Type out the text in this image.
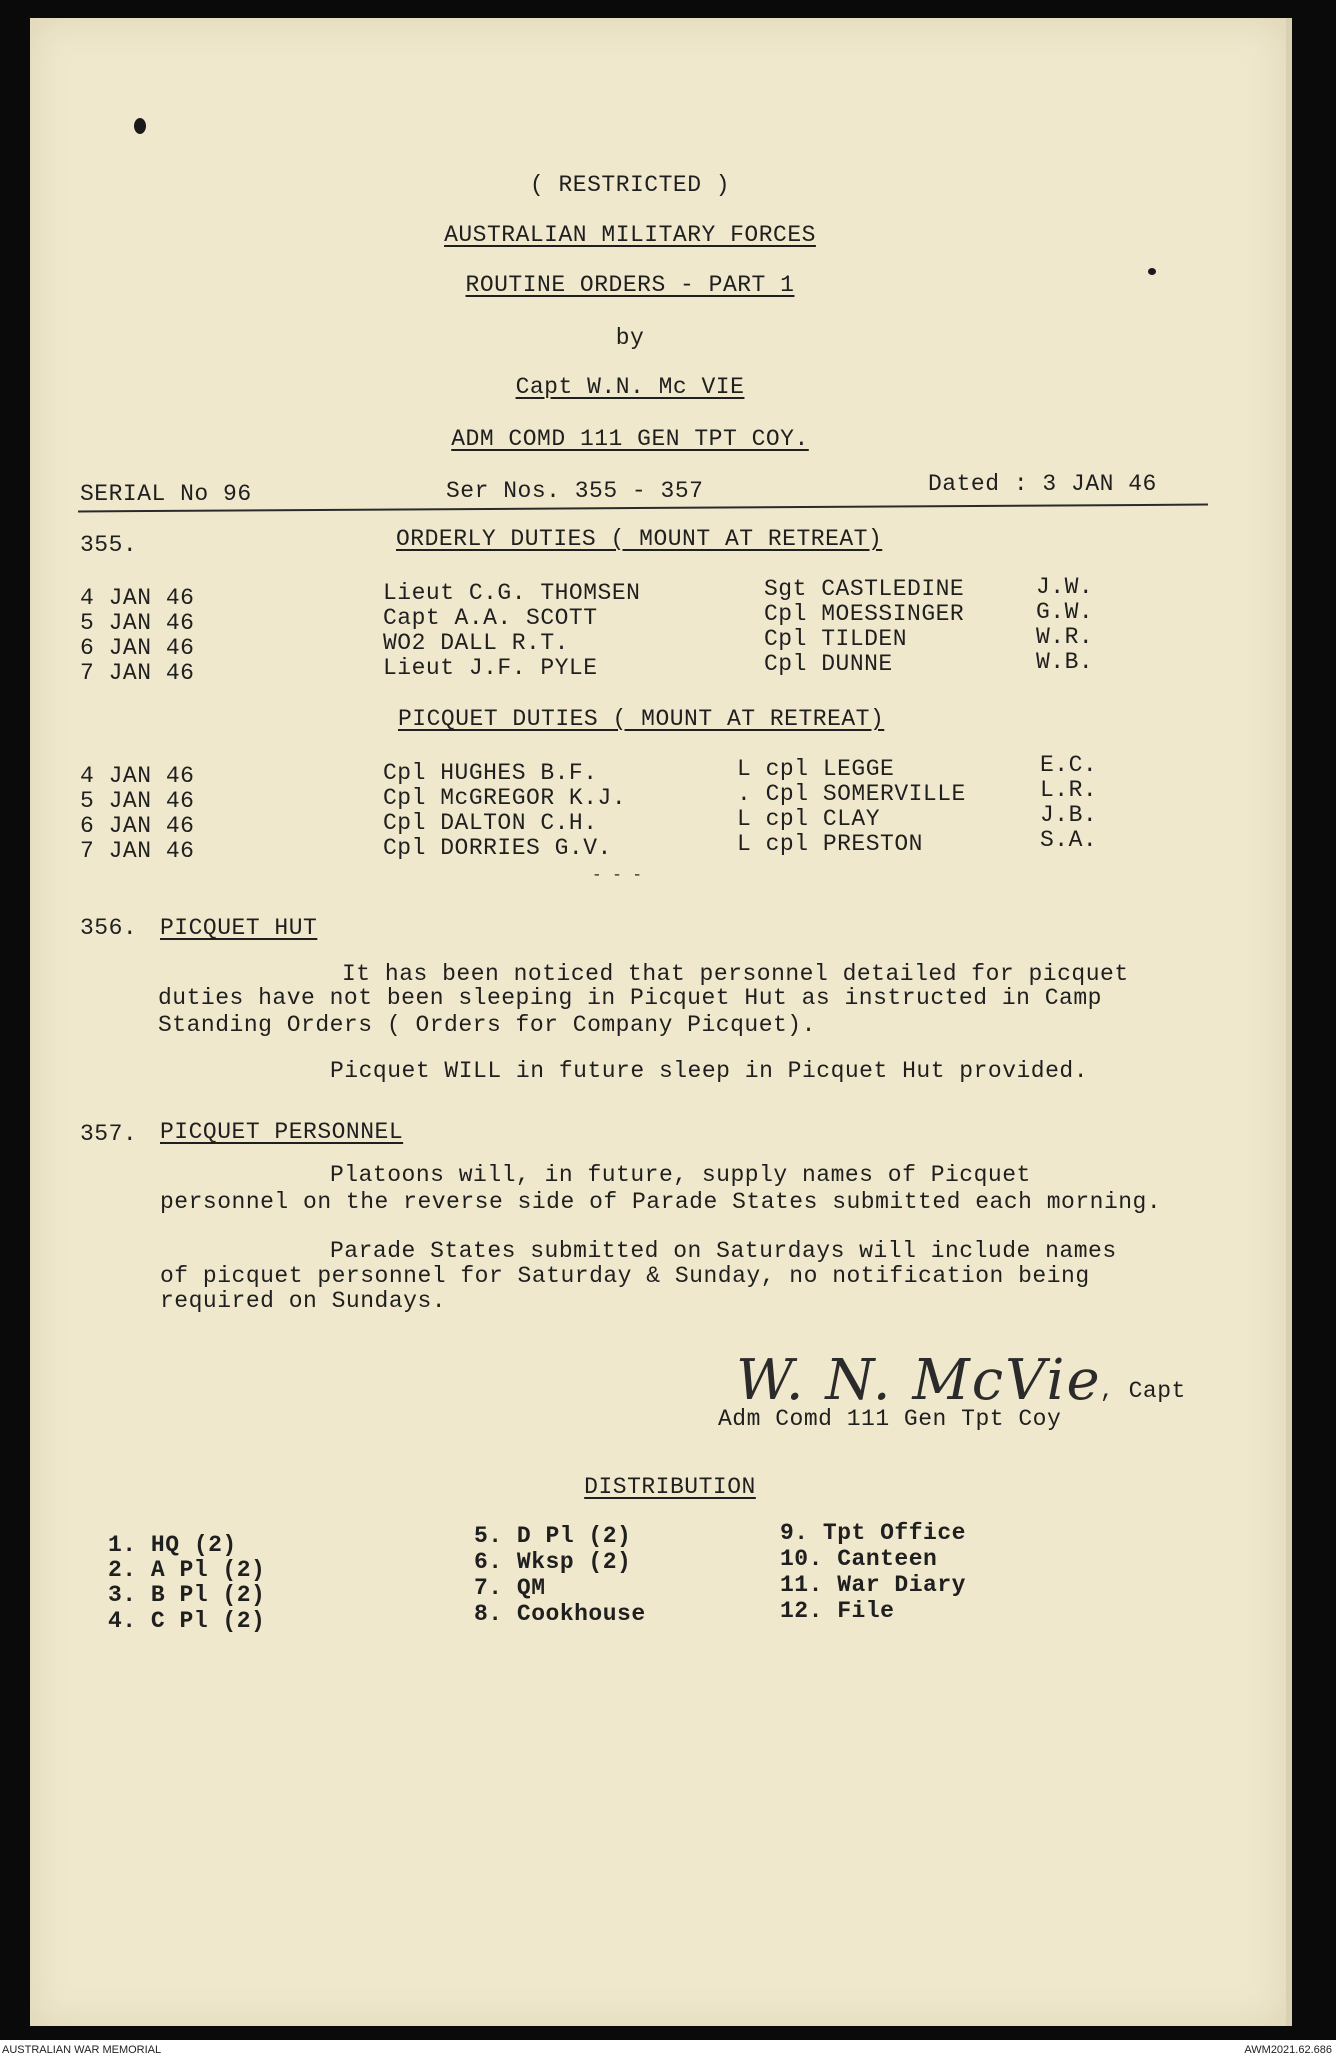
( RESTRICTED )
AUSTRALIAN MILITARY FORCES
ROUTINE ORDERS - PART 1
by
Capt W.N. Mc VIE
ADM COMD 111 GEN TPT COY.
SERIAL No 96	Ser Nos. 355 - 357	Dated : 3 JAN 46
355.	ORDERLY DUTIES ( MOUNT AT RETREAT)
4 JAN 46	Lieut C.G. THOMSEN	Sgt CASTLEDINE	J.W.
5 JAN 46	Capt A.A. SCOTT	Cpl MOESSINGER	G.W.
6 JAN 46	WO2 DALL R.T.	Cpl TILDEN	W.R.
7 JAN 46	Lieut J.F. PYLE	Cpl DUNNE	W.B.
PICQUET DUTIES ( MOUNT AT RETREAT)
4 JAN 46	Cpl HUGHES B.F.	L cpl LEGGE	E.C.
5 JAN 46	Cpl McGREGOR K.J.	. Cpl SOMERVILLE	L.R.
6 JAN 46	Cpl DALTON C.H.	L cpl CLAY	J.B.
7 JAN 46	Cpl DORRIES G.V.	L cpl PRESTON	S.A.
- - -
356. PICQUET HUT
It has been noticed that personnel detailed for picquet
duties have not been sleeping in Picquet Hut as instructed in Camp
Standing Orders ( Orders for Company Picquet).
Picquet WILL in future sleep in Picquet Hut provided.
357. PICQUET PERSONNEL
Platoons will, in future, supply names of Picquet
personnel on the reverse side of Parade States submitted each morning.
Parade States submitted on Saturdays will include names
of picquet personnel for Saturday & Sunday, no notification being
required on Sundays.
W. N. McVie
, Capt
Adm Comd 111 Gen Tpt Coy
DISTRIBUTION
1. HQ (2)
2. A Pl (2)
3. B Pl (2)
4. C Pl (2)
5. D Pl (2)
6. Wksp (2)
7. QM
8. Cookhouse
9. Tpt Office
10. Canteen
11. War Diary
12. File
AUSTRALIAN WAR MEMORIAL	AWM2021.62.686
